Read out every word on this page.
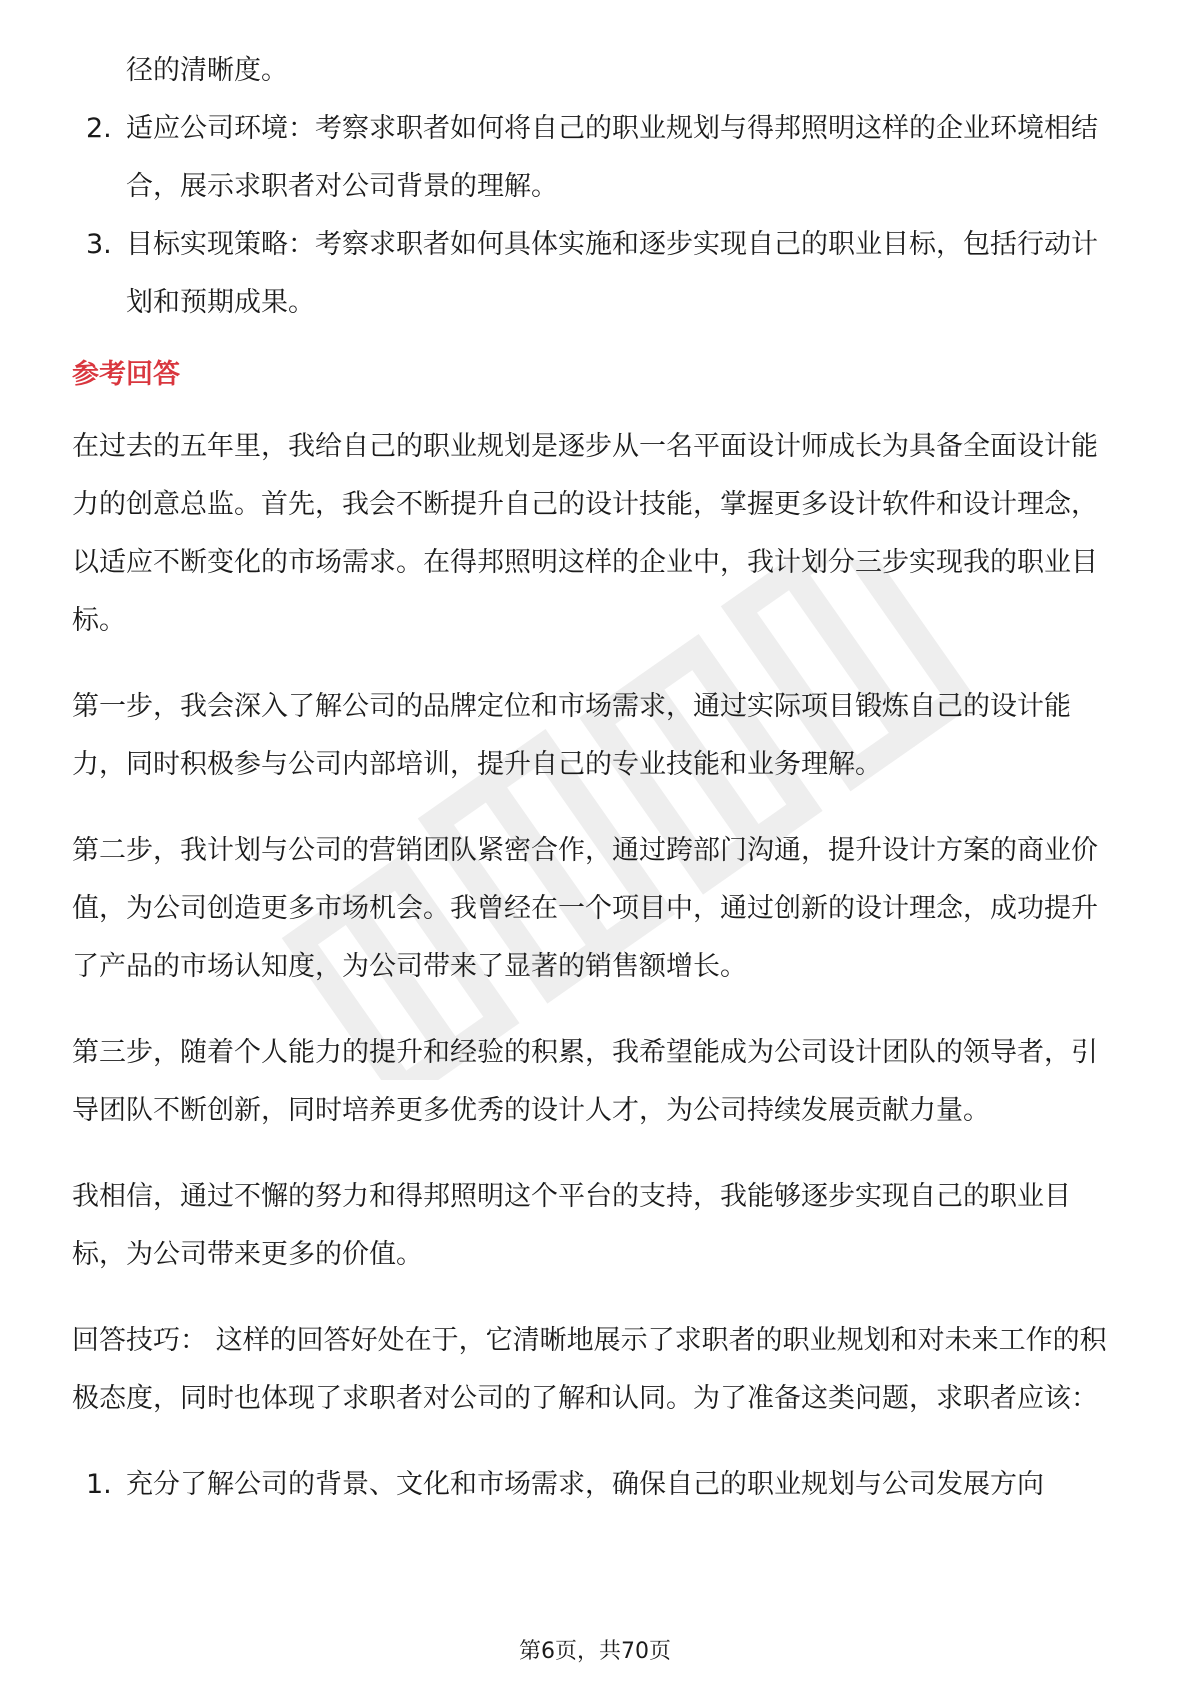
径的清晰度。
2. 适应公司环境：考察求职者如何将自己的职业规划与得邦照明这样的企业环境相结合，展示求职者对公司背景的理解。
3. 目标实现策略：考察求职者如何具体实施和逐步实现自己的职业目标，包括行动计划和预期成果。
参考回答

在过去的五年里，我给自己的职业规划是逐步从一名平面设计师成长为具备全面设计能力的创意总监。首先，我会不断提升自己的设计技能，掌握更多设计软件和设计理念，以适应不断变化的市场需求。在得邦照明这样的企业中，我计划分三步实现我的职业目标。

第一步，我会深入了解公司的品牌定位和市场需求，通过实际项目锻炼自己的设计能力，同时积极参与公司内部培训，提升自己的专业技能和业务理解。

第二步，我计划与公司的营销团队紧密合作，通过跨部门沟通，提升设计方案的商业价值，为公司创造更多市场机会。我曾经在一个项目中，通过创新的设计理念，成功提升了产品的市场认知度，为公司带来了显著的销售额增长。

第三步，随着个人能力的提升和经验的积累，我希望能成为公司设计团队的领导者，引导团队不断创新，同时培养更多优秀的设计人才，为公司持续发展贡献力量。

我相信，通过不懈的努力和得邦照明这个平台的支持，我能够逐步实现自己的职业目标，为公司带来更多的价值。

回答技巧： 这样的回答好处在于，它清晰地展示了求职者的职业规划和对未来工作的积极态度，同时也体现了求职者对公司的了解和认同。为了准备这类问题，求职者应该：

1. 充分了解公司的背景、文化和市场需求，确保自己的职业规划与公司发展方向
第6页，共70页
